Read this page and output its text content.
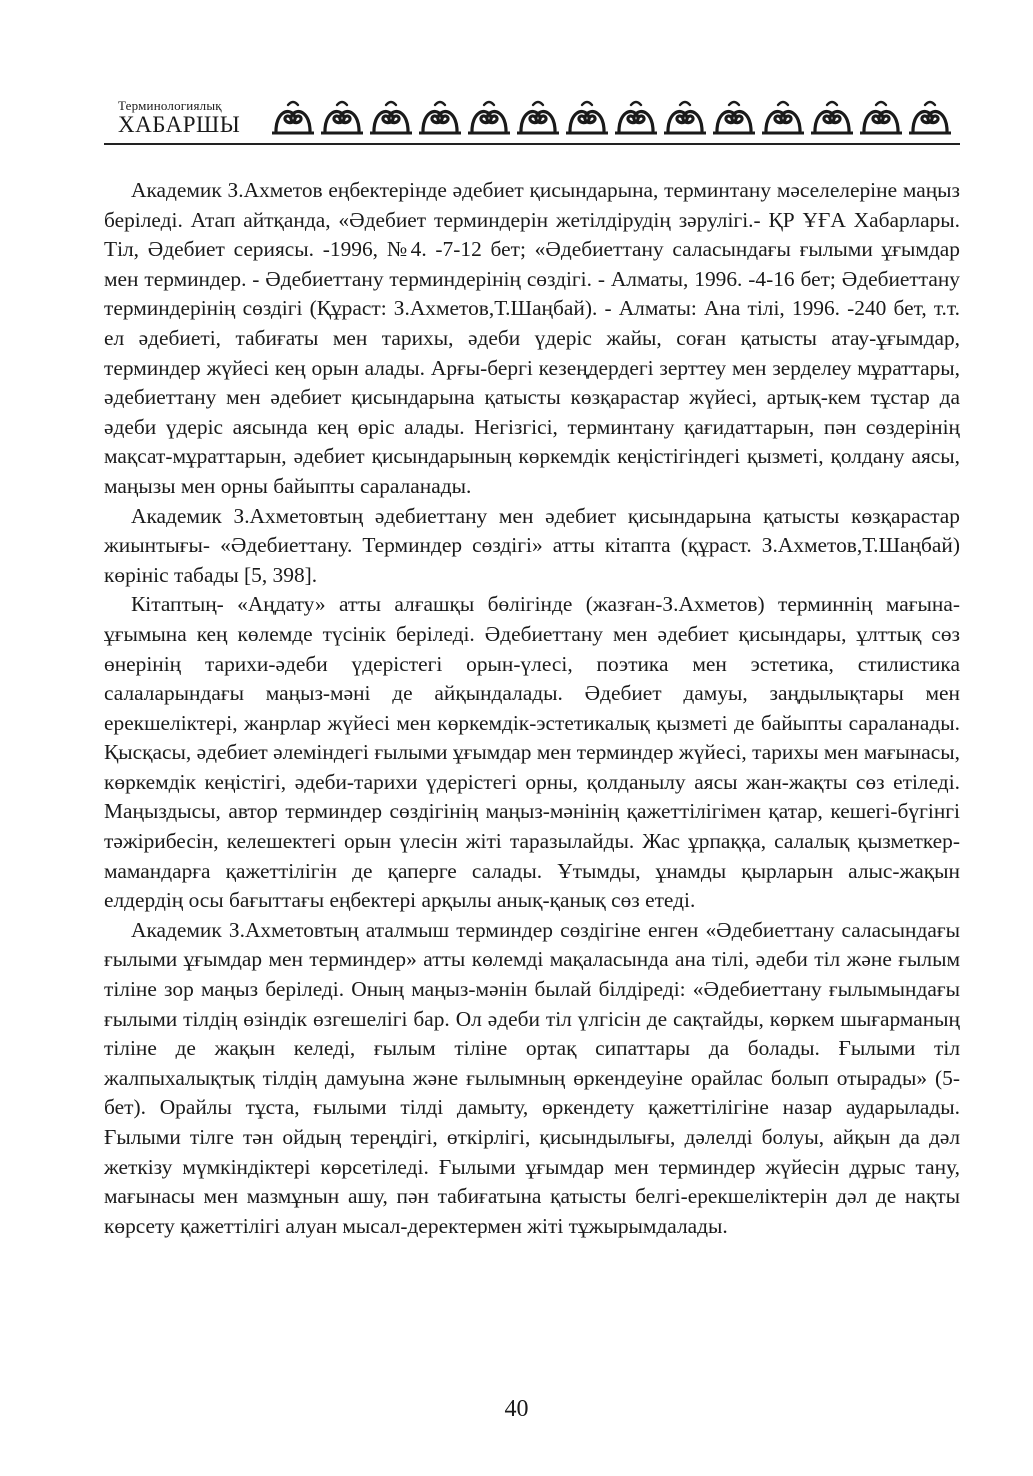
Терминологиялық
ХАБАРШЫ

Академик З.Ахметов еңбектерінде әдебиет қисындарына, терминтану мәселелеріне маңыз беріледі. Атап айтқанда, «Әдебиет терминдерін жетілдірудің зәрулігі.- ҚР ҰҒА Хабарлары. Тіл, Әдебиет сериясы. -1996, №4. -7-12 бет; «Әдебиеттану саласындағы ғылыми ұғымдар мен терминдер. - Әдебиеттану терминдерінің сөздігі. - Алматы, 1996. -4-16 бет; Әдебиеттану терминдерінің сөздігі (Құраст: З.Ахметов,Т.Шаңбай). - Алматы: Ана тілі, 1996. -240 бет, т.т. ел әдебиеті, табиғаты мен тарихы, әдеби үдеріс жайы, соған қатысты атау-ұғымдар, терминдер жүйесі кең орын алады. Арғы-бергі кезеңдердегі зерттеу мен зерделеу мұраттары, әдебиеттану мен әдебиет қисындарына қатысты көзқарастар жүйесі, артық-кем тұстар да әдеби үдеріс аясында кең өріс алады. Негізгісі, терминтану қағидаттарын, пән сөздерінің мақсат-мұраттарын, әдебиет қисындарының көркемдік кеңістігіндегі қызметі, қолдану аясы, маңызы мен орны байыпты сараланады.

Академик З.Ахметовтың әдебиеттану мен әдебиет қисындарына қатысты көзқарастар жиынтығы- «Әдебиеттану. Терминдер сөздігі» атты кітапта (құраст. З.Ахметов,Т.Шаңбай) көрініс табады [5, 398].

Кітаптың- «Аңдату» атты алғашқы бөлігінде (жазған-З.Ахметов) терминнің мағына-ұғымына кең көлемде түсінік беріледі. Әдебиеттану мен әдебиет қисындары, ұлттық сөз өнерінің тарихи-әдеби үдерістегі орын-үлесі, поэтика мен эстетика, стилистика салаларындағы маңыз-мәні де айқындалады. Әдебиет дамуы, заңдылықтары мен ерекшеліктері, жанрлар жүйесі мен көркемдік-эстетикалық қызметі де байыпты сараланады. Қысқасы, әдебиет әлеміндегі ғылыми ұғымдар мен терминдер жүйесі, тарихы мен мағынасы, көркемдік кеңістігі, әдеби-тарихи үдерістегі орны, қолданылу аясы жан-жақты сөз етіледі. Маңыздысы, автор терминдер сөздігінің маңыз-мәнінің қажеттілігімен қатар, кешегі-бүгінгі тәжірибесін, келешектегі орын үлесін жіті таразылайды. Жас ұрпаққа, салалық қызметкер-мамандарға қажеттілігін де қаперге салады. Ұтымды, ұнамды қырларын алыс-жақын елдердің осы бағыттағы еңбектері арқылы анық-қанық сөз етеді.

Академик З.Ахметовтың аталмыш терминдер сөздігіне енген «Әдебиеттану саласындағы ғылыми ұғымдар мен терминдер» атты көлемді мақаласында ана тілі, әдеби тіл және ғылым тіліне зор маңыз беріледі. Оның маңыз-мәнін былай білдіреді: «Әдебиеттану ғылымындағы ғылыми тілдің өзіндік өзгешелігі бар. Ол әдеби тіл үлгісін де сақтайды, көркем шығарманың тіліне де жақын келеді, ғылым тіліне ортақ сипаттары да болады. Ғылыми тіл жалпыхалықтық тілдің дамуына және ғылымның өркендеуіне орайлас болып отырады» (5-бет). Орайлы тұста, ғылыми тілді дамыту, өркендету қажеттілігіне назар аударылады. Ғылыми тілге тән ойдың тереңдігі, өткірлігі, қисындылығы, дәлелді болуы, айқын да дәл жеткізу мүмкіндіктері көрсетіледі. Ғылыми ұғымдар мен терминдер жүйесін дұрыс тану, мағынасы мен мазмұнын ашу, пән табиғатына қатысты белгі-ерекшеліктерін дәл де нақты көрсету қажеттілігі алуан мысал-деректермен жіті тұжырымдалады.

40
